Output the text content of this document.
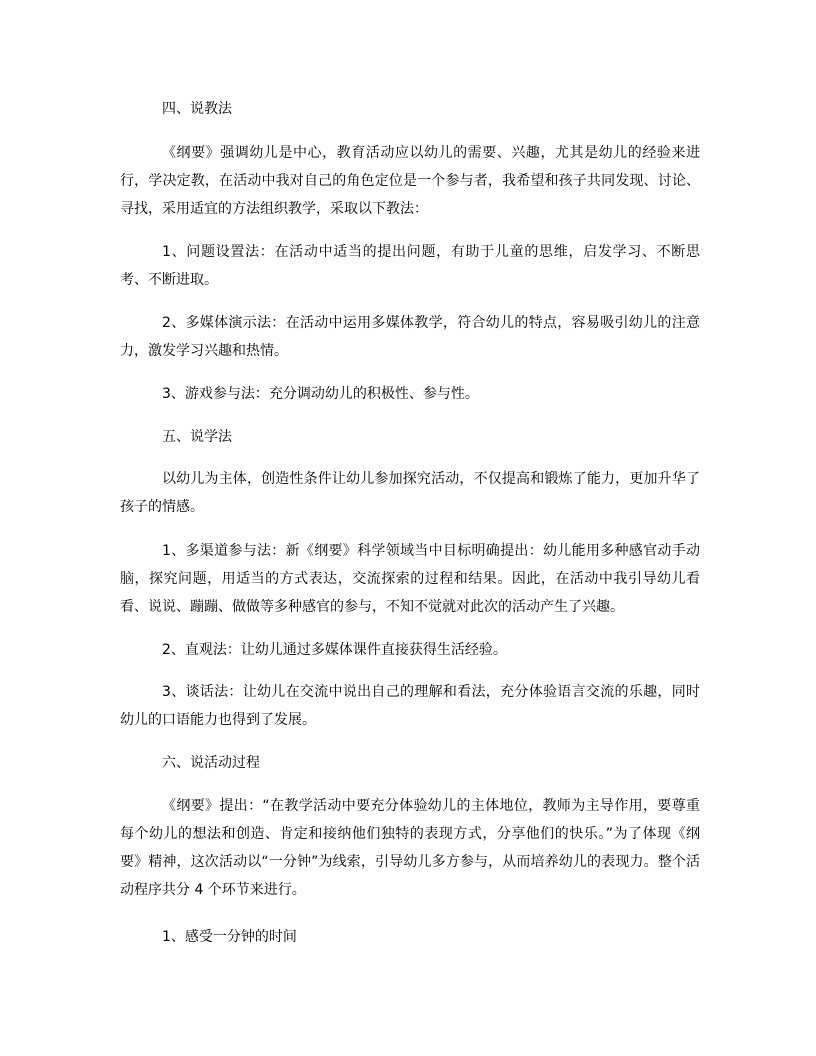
四、说教法

《纲要》强调幼儿是中心，教育活动应以幼儿的需要、兴趣，尤其是幼儿的经验来进行，学决定教，在活动中我对自己的角色定位是一个参与者，我希望和孩子共同发现、讨论、寻找，采用适宜的方法组织教学，采取以下教法：

1、问题设置法：在活动中适当的提出问题，有助于儿童的思维，启发学习、不断思考、不断进取。

2、多媒体演示法：在活动中运用多媒体教学，符合幼儿的特点，容易吸引幼儿的注意力，激发学习兴趣和热情。

3、游戏参与法：充分调动幼儿的积极性、参与性。

五、说学法

以幼儿为主体，创造性条件让幼儿参加探究活动，不仅提高和锻炼了能力，更加升华了孩子的情感。

1、多渠道参与法：新《纲要》科学领域当中目标明确提出：幼儿能用多种感官动手动脑，探究问题，用适当的方式表达，交流探索的过程和结果。因此，在活动中我引导幼儿看看、说说、蹦蹦、做做等多种感官的参与，不知不觉就对此次的活动产生了兴趣。

2、直观法：让幼儿通过多媒体课件直接获得生活经验。

3、谈话法：让幼儿在交流中说出自己的理解和看法，充分体验语言交流的乐趣，同时幼儿的口语能力也得到了发展。

六、说活动过程

《纲要》提出：“在教学活动中要充分体验幼儿的主体地位，教师为主导作用，要尊重每个幼儿的想法和创造、肯定和接纳他们独特的表现方式，分享他们的快乐。”为了体现《纲要》精神，这次活动以“一分钟”为线索，引导幼儿多方参与，从而培养幼儿的表现力。整个活动程序共分 4 个环节来进行。

1、感受一分钟的时间
